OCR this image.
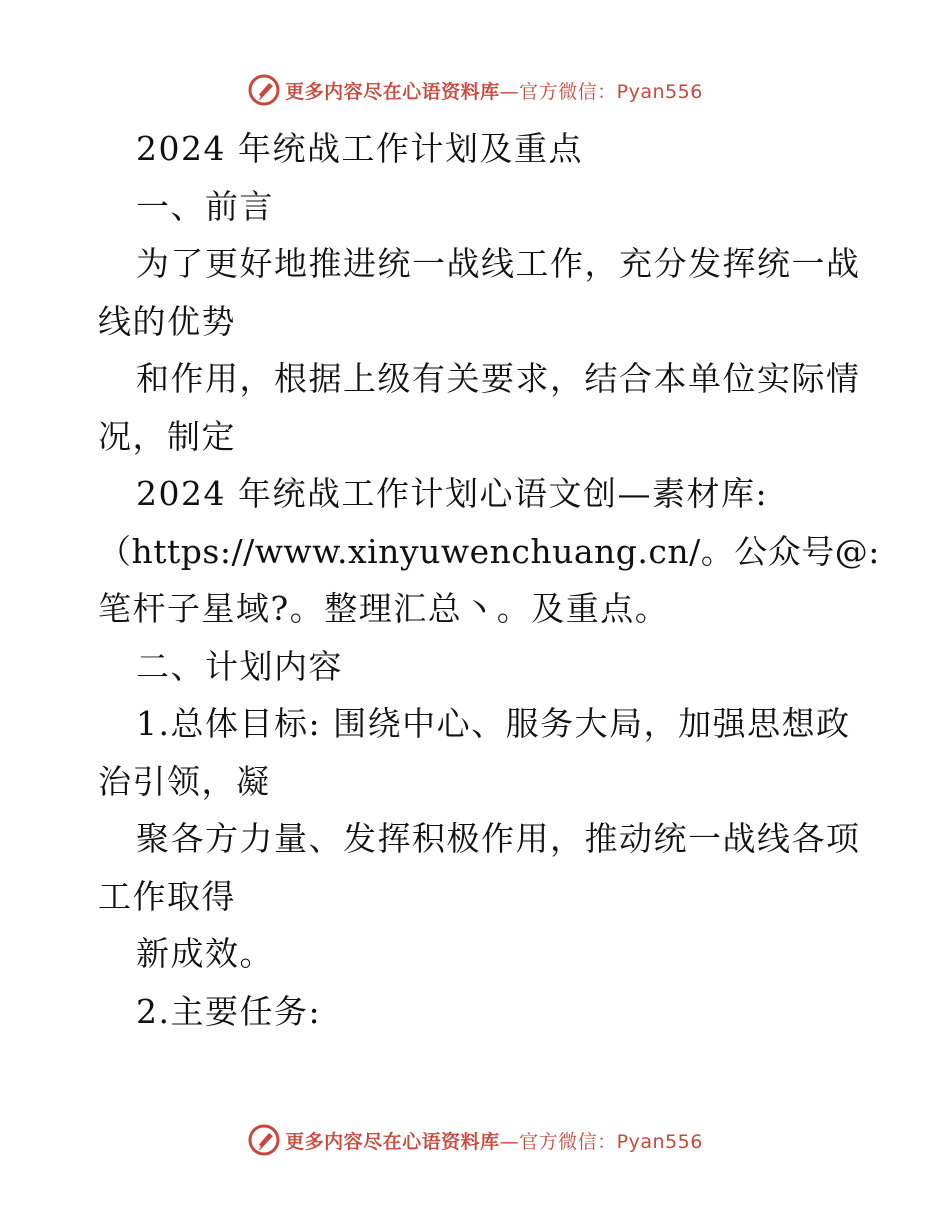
更多内容尽在心语资料库—官方微信：Pyan556
2024 年统战工作计划及重点
一、前言
为了更好地推进统一战线工作，充分发挥统一战
线的优势
和作用，根据上级有关要求，结合本单位实际情
况，制定
2024 年统战工作计划心语文创—素材库:
（https://www.xinyuwenchuang.cn/。公众号@:
笔杆子星域?。整理汇总丶。及重点。
二、计划内容
1.总体目标: 围绕中心、服务大局，加强思想政
治引领，凝
聚各方力量、发挥积极作用，推动统一战线各项
工作取得
新成效。
2.主要任务:
更多内容尽在心语资料库—官方微信：Pyan556
